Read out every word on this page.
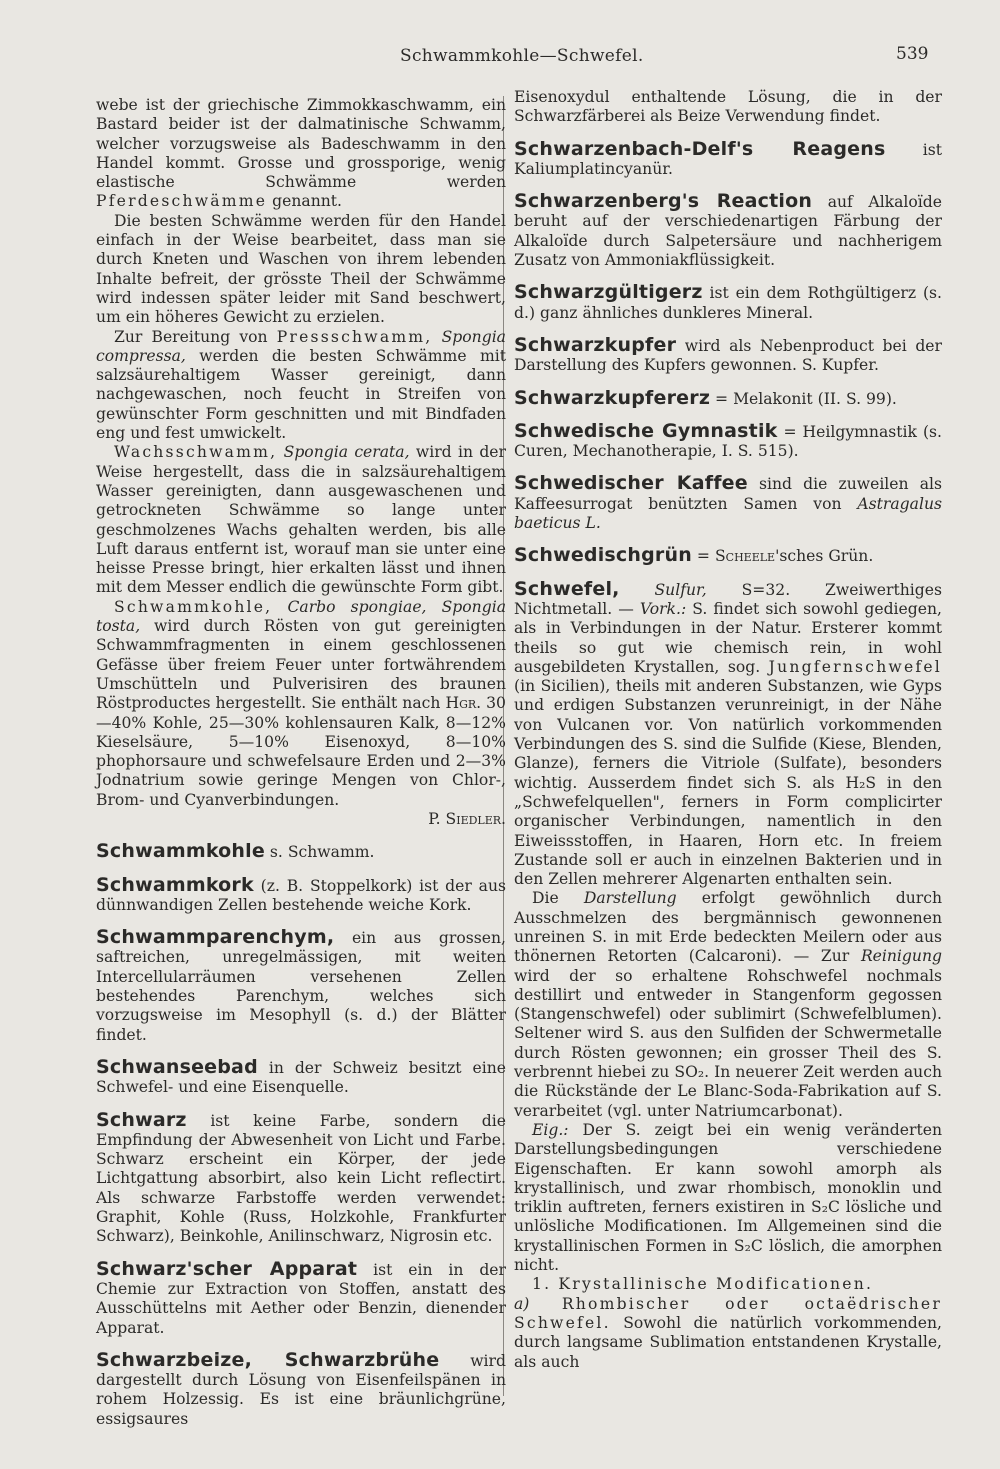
Schwammkohle—Schwefel.	539

webe ist der griechische Zimmokkaschwamm, ein Bastard beider ist der dalmatinische Schwamm, welcher vorzugsweise als Badeschwamm in den Handel kommt. Grosse und grossporige, wenig elastische Schwämme werden Pferdeschwämme genannt.

Die besten Schwämme werden für den Handel einfach in der Weise bearbeitet, dass man sie durch Kneten und Waschen von ihrem lebenden Inhalte befreit, der grösste Theil der Schwämme wird indessen später leider mit Sand beschwert, um ein höheres Gewicht zu erzielen.

Zur Bereitung von Pressschwamm, Spongia compressa, werden die besten Schwämme mit salzsäurehaltigem Wasser gereinigt, dann nachgewaschen, noch feucht in Streifen von gewünschter Form geschnitten und mit Bindfaden eng und fest umwickelt.

Wachsschwamm, Spongia cerata, wird in der Weise hergestellt, dass die in salzsäurehaltigem Wasser gereinigten, dann ausgewaschenen und getrockneten Schwämme so lange unter geschmolzenes Wachs gehalten werden, bis alle Luft daraus entfernt ist, worauf man sie unter eine heisse Presse bringt, hier erkalten lässt und ihnen mit dem Messer endlich die gewünschte Form gibt.

Schwammkohle, Carbo spongiae, Spongia tosta, wird durch Rösten von gut gereinigten Schwammfragmenten in einem geschlossenen Gefässe über freiem Feuer unter fortwährendem Umschütteln und Pulverisiren des braunen Röstproductes hergestellt. Sie enthält nach Hgr. 30—40% Kohle, 25—30% kohlensauren Kalk, 8—12% Kieselsäure, 5—10% Eisenoxyd, 8—10% phophorsaure und schwefelsaure Erden und 2—3% Jodnatrium sowie geringe Mengen von Chlor-, Brom- und Cyanverbindungen.

P. Siedler.

Schwammkohle s. Schwamm.

Schwammkork (z. B. Stoppelkork) ist der aus dünnwandigen Zellen bestehende weiche Kork.

Schwammparenchym, ein aus grossen, saftreichen, unregelmässigen, mit weiten Intercellularräumen versehenen Zellen bestehendes Parenchym, welches sich vorzugsweise im Mesophyll (s. d.) der Blätter findet.

Schwanseebad in der Schweiz besitzt eine Schwefel- und eine Eisenquelle.

Schwarz ist keine Farbe, sondern die Empfindung der Abwesenheit von Licht und Farbe. Schwarz erscheint ein Körper, der jede Lichtgattung absorbirt, also kein Licht reflectirt. Als schwarze Farbstoffe werden verwendet: Graphit, Kohle (Russ, Holzkohle, Frankfurter Schwarz), Beinkohle, Anilinschwarz, Nigrosin etc.

Schwarz'scher Apparat ist ein in der Chemie zur Extraction von Stoffen, anstatt des Ausschüttelns mit Aether oder Benzin, dienender Apparat.

Schwarzbeize, Schwarzbrühe wird dargestellt durch Lösung von Eisenfeilspänen in rohem Holzessig. Es ist eine bräunlichgrüne, essigsaures

Eisenoxydul enthaltende Lösung, die in der Schwarzfärberei als Beize Verwendung findet.

Schwarzenbach-Delf's Reagens ist Kaliumplatincyanür.

Schwarzenberg's Reaction auf Alkaloïde beruht auf der verschiedenartigen Färbung der Alkaloïde durch Salpetersäure und nachherigem Zusatz von Ammoniakflüssigkeit.

Schwarzgültigerz ist ein dem Rothgültigerz (s. d.) ganz ähnliches dunkleres Mineral.

Schwarzkupfer wird als Nebenproduct bei der Darstellung des Kupfers gewonnen. S. Kupfer.

Schwarzkupfererz = Melakonit (II. S. 99).

Schwedische Gymnastik = Heilgymnastik (s. Curen, Mechanotherapie, I. S. 515).

Schwedischer Kaffee sind die zuweilen als Kaffeesurrogat benützten Samen von Astragalus baeticus L.

Schwedischgrün = Scheele'sches Grün.

Schwefel, Sulfur, S=32. Zweiwerthiges Nichtmetall. — Vork.: S. findet sich sowohl gediegen, als in Verbindungen in der Natur. Ersterer kommt theils so gut wie chemisch rein, in wohl ausgebildeten Krystallen, sog. Jungfernschwefel (in Sicilien), theils mit anderen Substanzen, wie Gyps und erdigen Substanzen verunreinigt, in der Nähe von Vulcanen vor. Von natürlich vorkommenden Verbindungen des S. sind die Sulfide (Kiese, Blenden, Glanze), ferners die Vitriole (Sulfate), besonders wichtig. Ausserdem findet sich S. als H₂S in den „Schwefelquellen", ferners in Form complicirter organischer Verbindungen, namentlich in den Eiweissstoffen, in Haaren, Horn etc. In freiem Zustande soll er auch in einzelnen Bakterien und in den Zellen mehrerer Algenarten enthalten sein.

Die Darstellung erfolgt gewöhnlich durch Ausschmelzen des bergmännisch gewonnenen unreinen S. in mit Erde bedeckten Meilern oder aus thönernen Retorten (Calcaroni). — Zur Reinigung wird der so erhaltene Rohschwefel nochmals destillirt und entweder in Stangenform gegossen (Stangenschwefel) oder sublimirt (Schwefelblumen). Seltener wird S. aus den Sulfiden der Schwermetalle durch Rösten gewonnen; ein grosser Theil des S. verbrennt hiebei zu SO₂. In neuerer Zeit werden auch die Rückstände der Le Blanc-Soda-Fabrikation auf S. verarbeitet (vgl. unter Natriumcarbonat).

Eig.: Der S. zeigt bei ein wenig veränderten Darstellungsbedingungen verschiedene Eigenschaften. Er kann sowohl amorph als krystallinisch, und zwar rhombisch, monoklin und triklin auftreten, ferners existiren in S₂C lösliche und unlösliche Modificationen. Im Allgemeinen sind die krystallinischen Formen in S₂C löslich, die amorphen nicht.

1. Krystallinische Modificationen.

a) Rhombischer oder octaëdrischer Schwefel. Sowohl die natürlich vorkommenden, durch langsame Sublimation entstandenen Krystalle, als auch
